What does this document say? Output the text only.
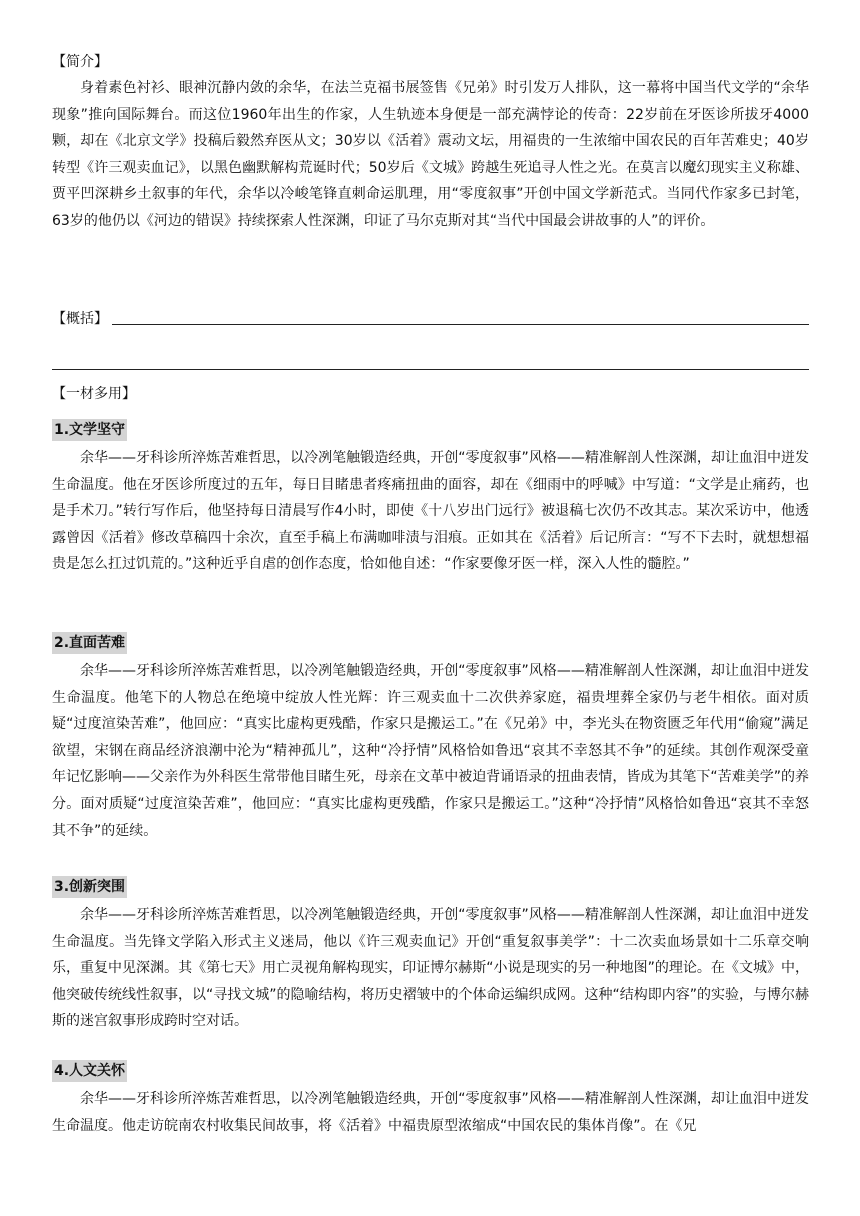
【简介】

身着素色衬衫、眼神沉静内敛的余华，在法兰克福书展签售《兄弟》时引发万人排队，这一幕将中国当代文学的“余华现象”推向国际舞台。而这位1960年出生的作家，人生轨迹本身便是一部充满悖论的传奇：22岁前在牙医诊所拔牙4000颗，却在《北京文学》投稿后毅然弃医从文；30岁以《活着》震动文坛，用福贵的一生浓缩中国农民的百年苦难史；40岁转型《许三观卖血记》，以黑色幽默解构荒诞时代；50岁后《文城》跨越生死追寻人性之光。在莫言以魔幻现实主义称雄、贾平凹深耕乡土叙事的年代，余华以冷峻笔锋直刺命运肌理，用“零度叙事”开创中国文学新范式。当同代作家多已封笔，63岁的他仍以《河边的错误》持续探索人性深渊，印证了马尔克斯对其“当代中国最会讲故事的人”的评价。

【概括】
【一材多用】
1.文学坚守

余华——牙科诊所淬炼苦难哲思，以冷冽笔触锻造经典，开创“零度叙事”风格——精准解剖人性深渊，却让血泪中迸发生命温度。他在牙医诊所度过的五年，每日目睹患者疼痛扭曲的面容，却在《细雨中的呼喊》中写道：“文学是止痛药，也是手术刀。”转行写作后，他坚持每日清晨写作4小时，即使《十八岁出门远行》被退稿七次仍不改其志。某次采访中，他透露曾因《活着》修改草稿四十余次，直至手稿上布满咖啡渍与泪痕。正如其在《活着》后记所言：“写不下去时，就想想福贵是怎么扛过饥荒的。”这种近乎自虐的创作态度，恰如他自述：“作家要像牙医一样，深入人性的髓腔。”

2.直面苦难

余华——牙科诊所淬炼苦难哲思，以冷冽笔触锻造经典，开创“零度叙事”风格——精准解剖人性深渊，却让血泪中迸发生命温度。他笔下的人物总在绝境中绽放人性光辉：许三观卖血十二次供养家庭，福贵埋葬全家仍与老牛相依。面对质疑“过度渲染苦难”，他回应：“真实比虚构更残酷，作家只是搬运工。”在《兄弟》中，李光头在物资匮乏年代用“偷窥”满足欲望，宋钢在商品经济浪潮中沦为“精神孤儿”，这种“冷抒情”风格恰如鲁迅“哀其不幸怒其不争”的延续。其创作观深受童年记忆影响——父亲作为外科医生常带他目睹生死，母亲在文革中被迫背诵语录的扭曲表情，皆成为其笔下“苦难美学”的养分。面对质疑“过度渲染苦难”，他回应：“真实比虚构更残酷，作家只是搬运工。”这种“冷抒情”风格恰如鲁迅“哀其不幸怒其不争”的延续。

3.创新突围

余华——牙科诊所淬炼苦难哲思，以冷冽笔触锻造经典，开创“零度叙事”风格——精准解剖人性深渊，却让血泪中迸发生命温度。当先锋文学陷入形式主义迷局，他以《许三观卖血记》开创“重复叙事美学”：十二次卖血场景如十二乐章交响乐，重复中见深渊。其《第七天》用亡灵视角解构现实，印证博尔赫斯“小说是现实的另一种地图”的理论。在《文城》中，他突破传统线性叙事，以“寻找文城”的隐喻结构，将历史褶皱中的个体命运编织成网。这种“结构即内容”的实验，与博尔赫斯的迷宫叙事形成跨时空对话。

4.人文关怀

余华——牙科诊所淬炼苦难哲思，以冷冽笔触锻造经典，开创“零度叙事”风格——精准解剖人性深渊，却让血泪中迸发生命温度。他走访皖南农村收集民间故事，将《活着》中福贵原型浓缩成“中国农民的集体肖像”。在《兄
